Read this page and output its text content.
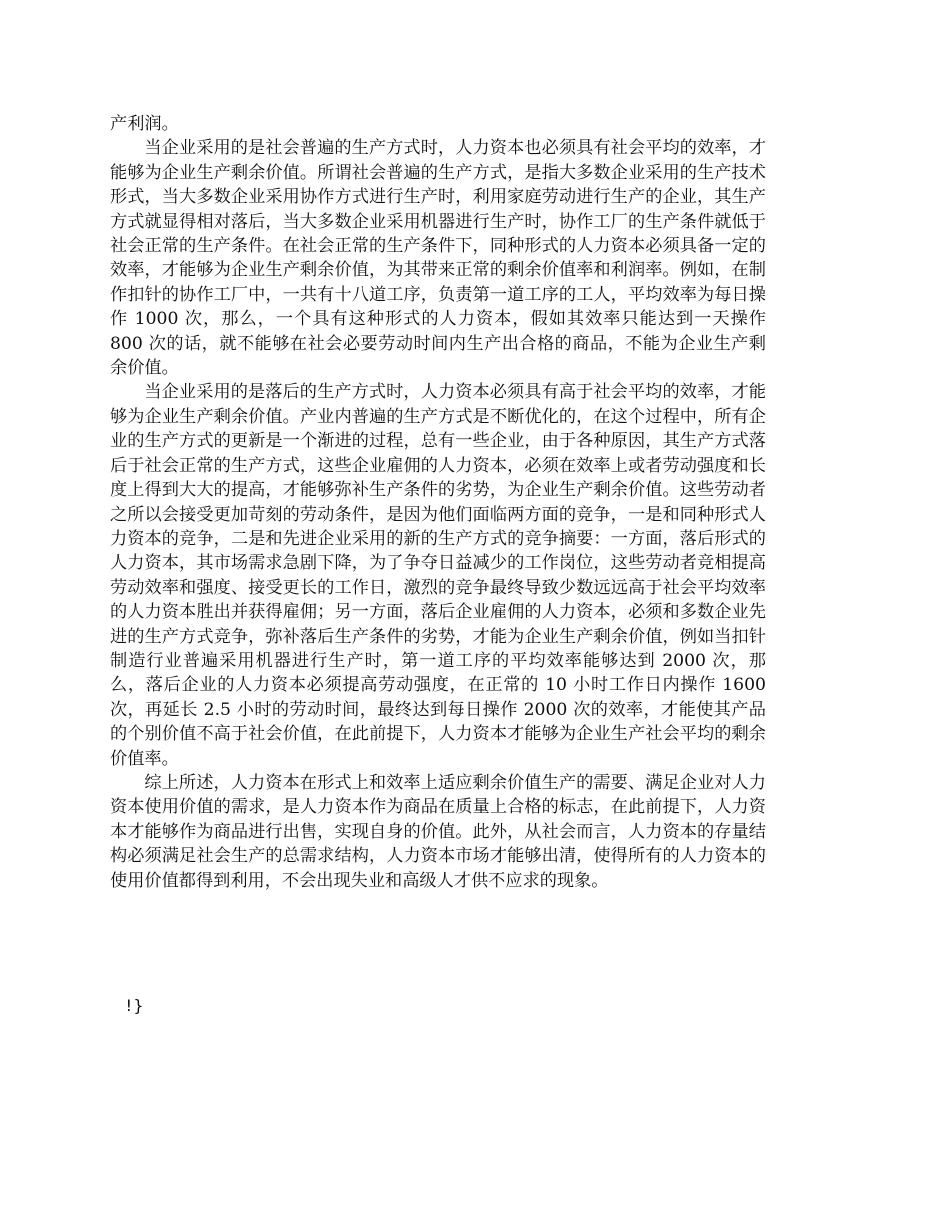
产利润。

当企业采用的是社会普遍的生产方式时，人力资本也必须具有社会平均的效率，才能够为企业生产剩余价值。所谓社会普遍的生产方式，是指大多数企业采用的生产技术形式，当大多数企业采用协作方式进行生产时，利用家庭劳动进行生产的企业，其生产方式就显得相对落后，当大多数企业采用机器进行生产时，协作工厂的生产条件就低于社会正常的生产条件。在社会正常的生产条件下，同种形式的人力资本必须具备一定的效率，才能够为企业生产剩余价值，为其带来正常的剩余价值率和利润率。例如，在制作扣针的协作工厂中，一共有十八道工序，负责第一道工序的工人，平均效率为每日操作 1000 次，那么，一个具有这种形式的人力资本，假如其效率只能达到一天操作 800 次的话，就不能够在社会必要劳动时间内生产出合格的商品，不能为企业生产剩余价值。

当企业采用的是落后的生产方式时，人力资本必须具有高于社会平均的效率，才能够为企业生产剩余价值。产业内普遍的生产方式是不断优化的，在这个过程中，所有企业的生产方式的更新是一个渐进的过程，总有一些企业，由于各种原因，其生产方式落后于社会正常的生产方式，这些企业雇佣的人力资本，必须在效率上或者劳动强度和长度上得到大大的提高，才能够弥补生产条件的劣势，为企业生产剩余价值。这些劳动者之所以会接受更加苛刻的劳动条件，是因为他们面临两方面的竞争，一是和同种形式人力资本的竞争，二是和先进企业采用的新的生产方式的竞争摘要：一方面，落后形式的人力资本，其市场需求急剧下降，为了争夺日益减少的工作岗位，这些劳动者竞相提高劳动效率和强度、接受更长的工作日，激烈的竞争最终导致少数远远高于社会平均效率的人力资本胜出并获得雇佣；另一方面，落后企业雇佣的人力资本，必须和多数企业先进的生产方式竞争，弥补落后生产条件的劣势，才能为企业生产剩余价值，例如当扣针制造行业普遍采用机器进行生产时，第一道工序的平均效率能够达到 2000 次，那么，落后企业的人力资本必须提高劳动强度，在正常的 10 小时工作日内操作 1600 次，再延长 2.5 小时的劳动时间，最终达到每日操作 2000 次的效率，才能使其产品的个别价值不高于社会价值，在此前提下，人力资本才能够为企业生产社会平均的剩余价值率。

综上所述，人力资本在形式上和效率上适应剩余价值生产的需要、满足企业对人力资本使用价值的需求，是人力资本作为商品在质量上合格的标志，在此前提下，人力资本才能够作为商品进行出售，实现自身的价值。此外，从社会而言，人力资本的存量结构必须满足社会生产的总需求结构，人力资本市场才能够出清，使得所有的人力资本的使用价值都得到利用，不会出现失业和高级人才供不应求的现象。

!}
